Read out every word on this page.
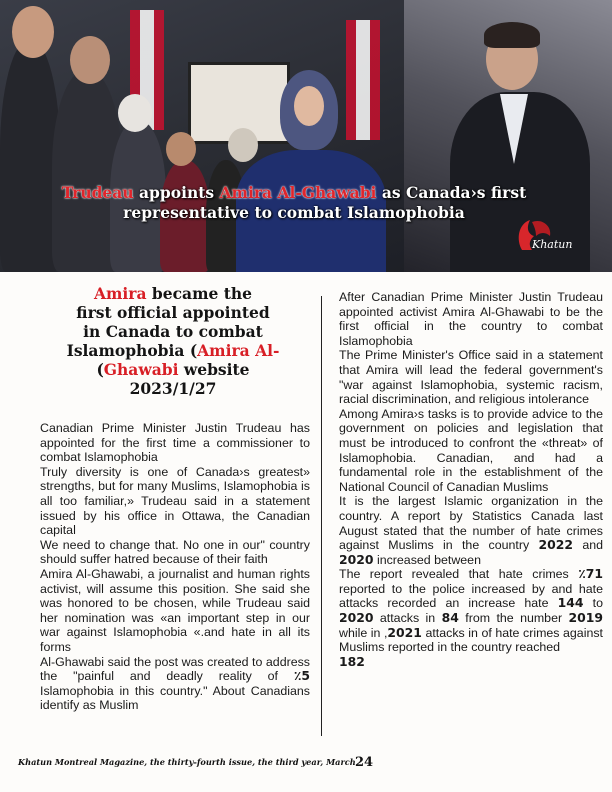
Trudeau appoints Amira Al-Ghawabi as Canada›s first
representative to combat Islamophobia
Khatun
Amira became the
first official appointed
in Canada to combat
Islamophobia (Amira Al-
(Ghawabi website
2023/1/27

Canadian Prime Minister Justin Trudeau has appointed for the first time a commissioner to combat Islamophobia

Truly diversity is one of Canada›s greatest» strengths, but for many Muslims, Islamophobia is all too familiar,» Trudeau said in a statement issued by his office in Ottawa, the Canadian capital

We need to change that. No one in our" country should suffer hatred because of their faith

Amira Al-Ghawabi, a journalist and human rights activist, will assume this position. She said she was honored to be chosen, while Trudeau said her nomination was «an important step in our war against Islamophobia «.and hate in all its forms

Al-Ghawabi said the post was created to address the "painful and deadly reality of ٪5 Islamophobia in this country." About Canadians identify as Muslim

After Canadian Prime Minister Justin Trudeau appointed activist Amira Al-Ghawabi to be the first official in the country to combat Islamophobia

The Prime Minister's Office said in a statement that Amira will lead the federal government's "war against Islamophobia, systemic racism, racial discrimination, and religious intolerance

Among Amira›s tasks is to provide advice to the government on policies and legislation that must be introduced to confront the «threat» of Islamophobia. Canadian, and had a fundamental role in the establishment of the National Council of Canadian Muslims

It is the largest Islamic organization in the country. A report by Statistics Canada last August stated that the number of hate crimes against Muslims in the country 2022 and 2020 increased between

The report revealed that hate crimes ٪71 reported to the police increased by and hate attacks recorded an increase hate 144 to 2020 attacks in 84 from the number 2019 while in ,2021 attacks in of hate crimes against Muslims reported in the country reached

182

Khatun Montreal Magazine, the thirty-fourth issue, the third year, March 24
